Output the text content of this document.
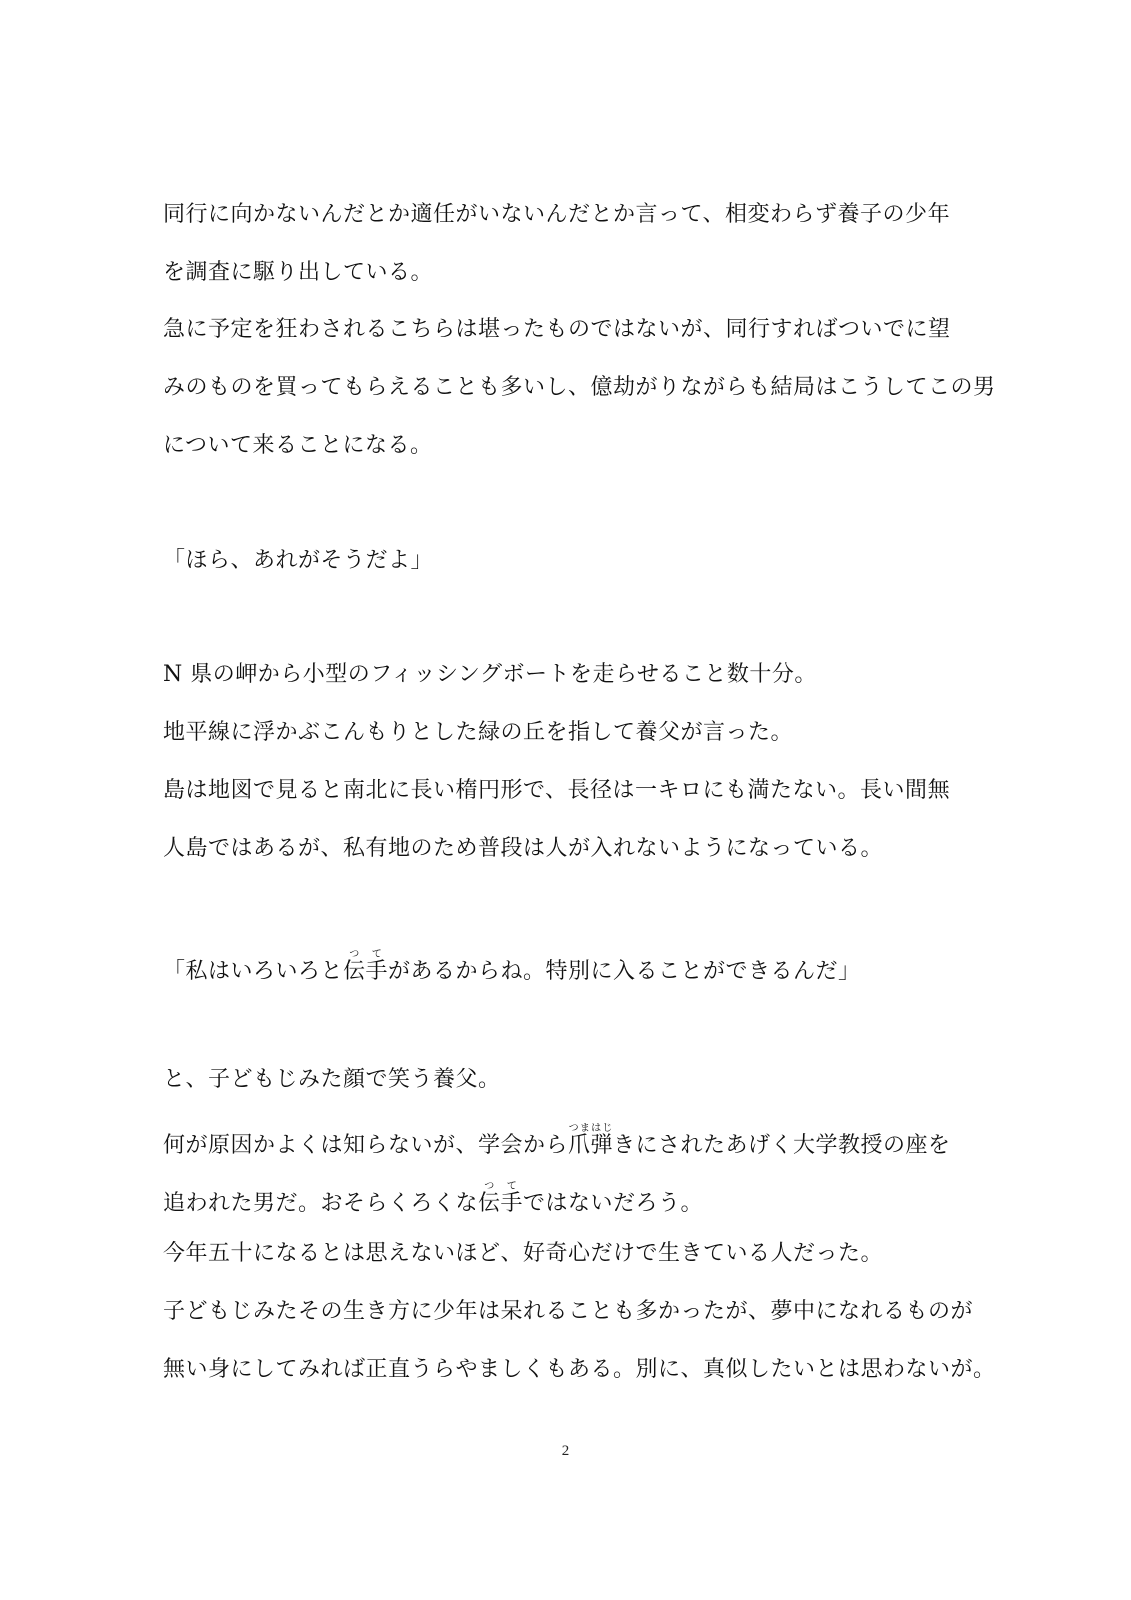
同行に向かないんだとか適任がいないんだとか言って、相変わらず養子の少年
を調査に駆り出している。
急に予定を狂わされるこちらは堪ったものではないが、同行すればついでに望
みのものを買ってもらえることも多いし、億劫がりながらも結局はこうしてこの男
について来ることになる。
「ほら、あれがそうだよ」
N 県の岬から小型のフィッシングボートを走らせること数十分。
地平線に浮かぶこんもりとした緑の丘を指して養父が言った。
島は地図で見ると南北に長い楕円形で、長径は一キロにも満たない。長い間無
人島ではあるが、私有地のため普段は人が入れないようになっている。
「私はいろいろと伝手つてがあるからね。特別に入ることができるんだ」
と、子どもじみた顔で笑う養父。
何が原因かよくは知らないが、学会から爪弾つまはじきにされたあげく大学教授の座を
追われた男だ。おそらくろくな伝手つてではないだろう。
今年五十になるとは思えないほど、好奇心だけで生きている人だった。
子どもじみたその生き方に少年は呆れることも多かったが、夢中になれるものが
無い身にしてみれば正直うらやましくもある。別に、真似したいとは思わないが。
2
